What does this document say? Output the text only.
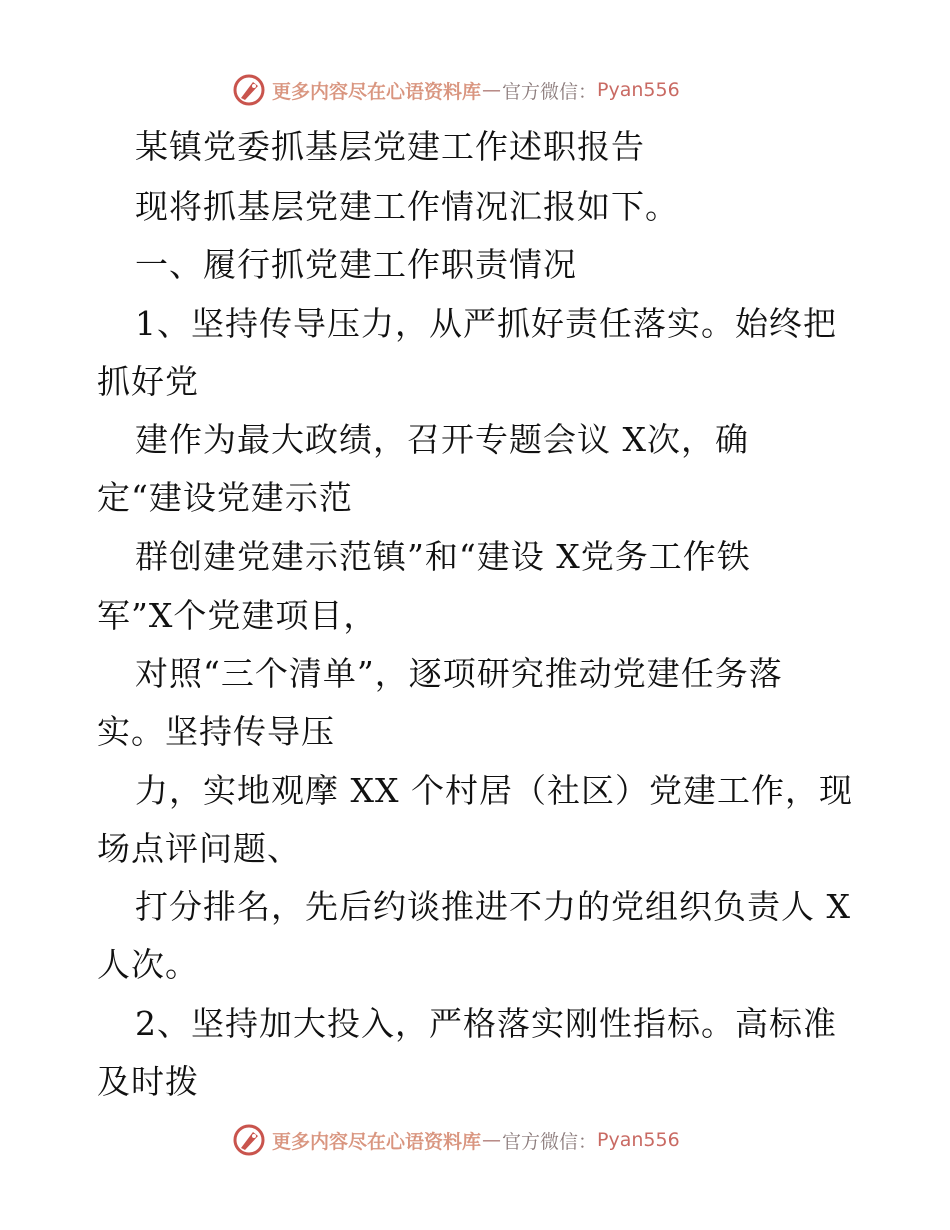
更多内容尽在心语资料库 — 官方微信： Pyan556
某镇党委抓基层党建工作述职报告
现将抓基层党建工作情况汇报如下。
一、履行抓党建工作职责情况
1、坚持传导压力，从严抓好责任落实。始终把
抓好党
建作为最大政绩，召开专题会议 X次，确
定“建设党建示范
群创建党建示范镇”和“建设 X党务工作铁
军”X个党建项目，
对照“三个清单”，逐项研究推动党建任务落
实。坚持传导压
力，实地观摩 XX 个村居（社区）党建工作，现
场点评问题、
打分排名，先后约谈推进不力的党组织负责人 X
人次。
2、坚持加大投入，严格落实刚性指标。高标准
及时拨
更多内容尽在心语资料库 — 官方微信： Pyan556
